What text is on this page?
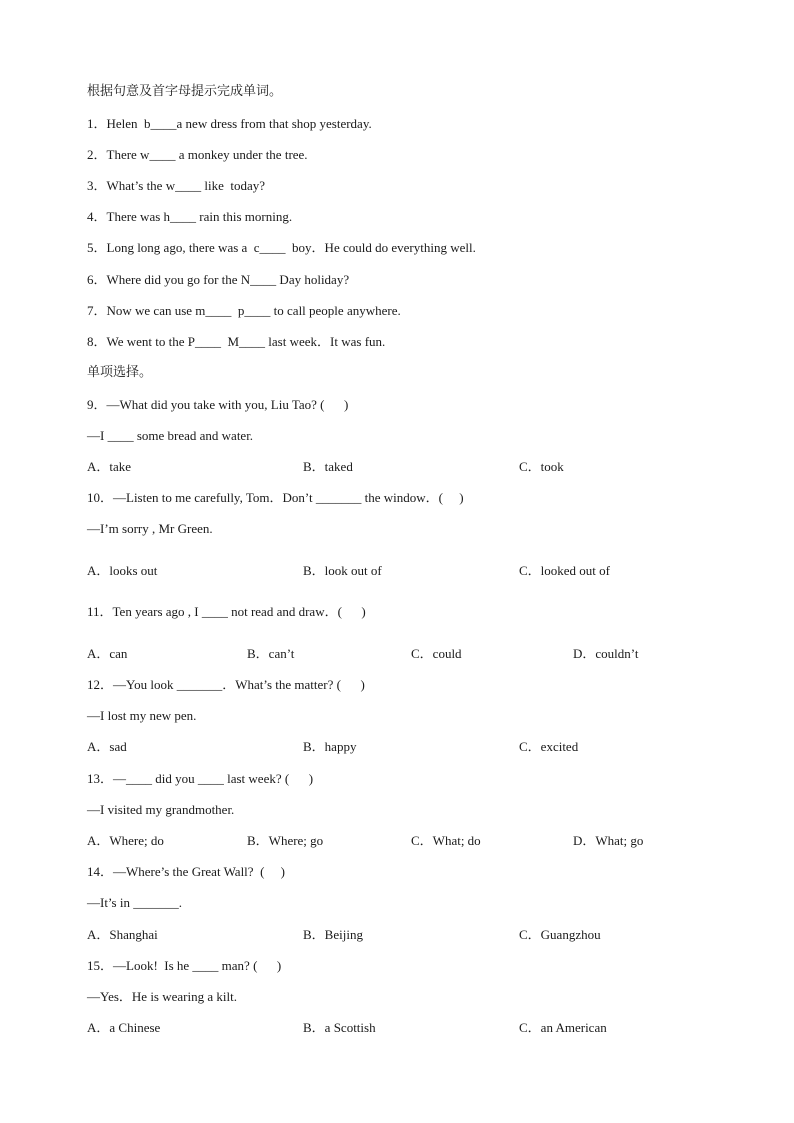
根据句意及首字母提示完成单词。
1．Helen  b____a new dress from that shop yesterday.
2．There w____ a monkey under the tree.
3．What’s the w____ like  today?
4．There was h____ rain this morning.
5．Long long ago, there was a  c____  boy．He could do everything well.
6．Where did you go for the N____ Day holiday?
7．Now we can use m____  p____ to call people anywhere.
8．We went to the P____  M____ last week．It was fun.
单项选择。
9．—What did you take with you, Liu Tao? (      )
—I ____ some bread and water.
A．take	B．taked	C．took
10．—Listen to me carefully, Tom．Don’t _______ the window．(     )
—I’m sorry , Mr Green.
A．looks out	B．look out of	C．looked out of
11．Ten years ago , I ____ not read and draw．(      )
A．can	B．can’t	C．could	D．couldn’t
12．—You look _______．What’s the matter? (      )
—I lost my new pen.
A．sad	B．happy	C．excited
13．—____ did you ____ last week? (      )
—I visited my grandmother.
A．Where; do	B．Where; go	C．What; do	D．What; go
14．—Where’s the Great Wall?  (     )
—It’s in _______.
A．Shanghai	B．Beijing	C．Guangzhou
15．—Look!  Is he ____ man? (      )
—Yes．He is wearing a kilt.
A．a Chinese	B．a Scottish	C．an American
